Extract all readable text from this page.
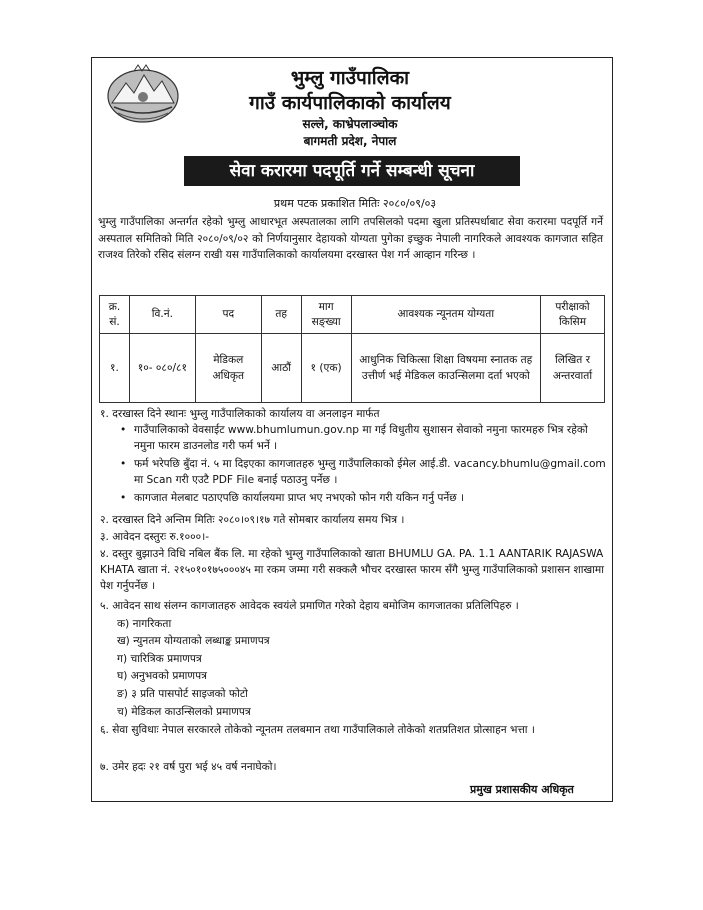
भुम्लु गाउँपालिका
गाउँ कार्यपालिकाको कार्यालय
सल्ले, काभ्रेपलाञ्चोक
बागमती प्रदेश, नेपाल
सेवा करारमा पदपूर्ति गर्ने सम्बन्धी सूचना
प्रथम पटक प्रकाशित मितिः २०८०/०९/०३
भुम्लु गाउँपालिका अन्तर्गत रहेको भुम्लु आधारभूत अस्पतालका लागि तपसिलको पदमा खुला प्रतिस्पर्धाबाट सेवा करारमा पदपूर्ति गर्ने अस्पताल समितिको मिति २०८०/०९/०२ को निर्णयानुसार देहायको योग्यता पुगेका इच्छुक नेपाली नागरिकले आवश्यक कागजात सहित राजश्व तिरेको रसिद संलग्न राखी यस गाउँपालिकाको कार्यालयमा दरखास्त पेश गर्न आव्हान गरिन्छ ।
क्र. सं.	वि.नं.	पद	तह	माग सङ्ख्या	आवश्यक न्यूनतम योग्यता	परीक्षाको किसिम
१.	१०- ०८०/८१	मेडिकल अधिकृत	आठौं	१ (एक)	आधुनिक चिकित्सा शिक्षा विषयमा स्नातक तह उत्तीर्ण भई मेडिकल काउन्सिलमा दर्ता भएको	लिखित र अन्तरवार्ता
१. दरखास्त दिने स्थानः भुम्लु गाउँपालिकाको कार्यालय वा अनलाइन मार्फत
• गाउँपालिकाको वेवसाईट www.bhumlumun.gov.np मा गई विधुतीय सुशासन सेवाको नमुना फारमहरु भित्र रहेको नमुना फारम डाउनलोड गरी फर्म भर्ने ।
• फर्म भरेपछि बुँदा नं. ५ मा दिइएका कागजातहरु भुम्लु गाउँपालिकाको ईमेल आई.डी. vacancy.bhumlu@gmail.com मा Scan गरी एउटै PDF File बनाई पठाउनु पर्नेछ ।
• कागजात मेलबाट पठाएपछि कार्यालयमा प्राप्त भए नभएको फोन गरी यकिन गर्नु पर्नेछ ।
२. दरखास्त दिने अन्तिम मितिः २०८०।०९।१७ गते सोमबार कार्यालय समय भित्र ।
३. आवेदन दस्तुरः रु.१०००।-
४. दस्तुर बुझाउने विधि नबिल बैंक लि. मा रहेको भुम्लु गाउँपालिकाको खाता BHUMLU GA. PA. 1.1 AANTARIK RAJASWA KHATA खाता नं. २१५०१०१७५०००४५ मा रकम जम्मा गरी सक्कलै भौचर दरखास्त फारम सँगै भुम्लु गाउँपालिकाको प्रशासन शाखामा पेश गर्नुपर्नेछ ।
५. आवेदन साथ संलग्न कागजातहरु आवेदक स्वयंले प्रमाणित गरेको देहाय बमोजिम कागजातका प्रतिलिपिहरु ।
क) नागरिकता
ख) न्युनतम योग्यताको लब्धाङ्क प्रमाणपत्र
ग) चारित्रिक प्रमाणपत्र
घ) अनुभवको प्रमाणपत्र
ङ) ३ प्रति पासपोर्ट साइजको फोटो
च) मेडिकल काउन्सिलको प्रमाणपत्र
६. सेवा सुविधाः नेपाल सरकारले तोकेको न्यूनतम तलबमान तथा गाउँपालिकाले तोकेको शतप्रतिशत प्रोत्साहन भत्ता ।
७. उमेर हदः २१ वर्ष पुरा भई ४५ वर्ष ननाघेको।
प्रमुख प्रशासकीय अधिकृत
